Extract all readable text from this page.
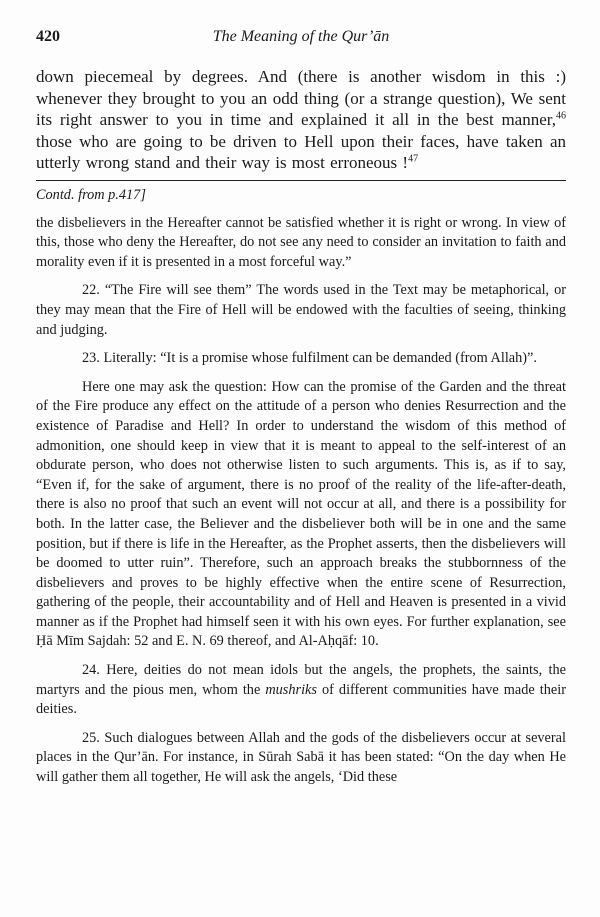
420	The Meaning of the Qur’ān

down piecemeal by degrees. And (there is another wisdom in this :) whenever they brought to you an odd thing (or a strange question), We sent its right answer to you in time and explained it all in the best manner,$^{46}$ those who are going to be driven to Hell upon their faces, have taken an utterly wrong stand and their way is most erroneous !$^{47}$

Contd. from p.417]

the disbelievers in the Hereafter cannot be satisfied whether it is right or wrong. In view of this, those who deny the Hereafter, do not see any need to consider an invitation to faith and morality even if it is presented in a most forceful way.”

22. “The Fire will see them” The words used in the Text may be metaphorical, or they may mean that the Fire of Hell will be endowed with the faculties of seeing, thinking and judging.

23. Literally: “It is a promise whose fulfilment can be demanded (from Allah)”.

Here one may ask the question: How can the promise of the Garden and the threat of the Fire produce any effect on the attitude of a person who denies Resurrection and the existence of Paradise and Hell? In order to understand the wisdom of this method of admonition, one should keep in view that it is meant to appeal to the self-interest of an obdurate person, who does not otherwise listen to such arguments. This is, as if to say, “Even if, for the sake of argument, there is no proof of the reality of the life-after-death, there is also no proof that such an event will not occur at all, and there is a possibility for both. In the latter case, the Believer and the disbeliever both will be in one and the same position, but if there is life in the Hereafter, as the Prophet asserts, then the disbelievers will be doomed to utter ruin”. Therefore, such an approach breaks the stubbornness of the disbelievers and proves to be highly effective when the entire scene of Resurrection, gathering of the people, their accountability and of Hell and Heaven is presented in a vivid manner as if the Prophet had himself seen it with his own eyes. For further explanation, see Ḥā Mīm Sajdah: 52 and E. N. 69 thereof, and Al-Aḥqāf: 10.

24. Here, deities do not mean idols but the angels, the prophets, the saints, the martyrs and the pious men, whom the mushriks of different communities have made their deities.

25. Such dialogues between Allah and the gods of the disbelievers occur at several places in the Qur’ān. For instance, in Sūrah Sabā it has been stated: “On the day when He will gather them all together, He will ask the angels, ‘Did these
